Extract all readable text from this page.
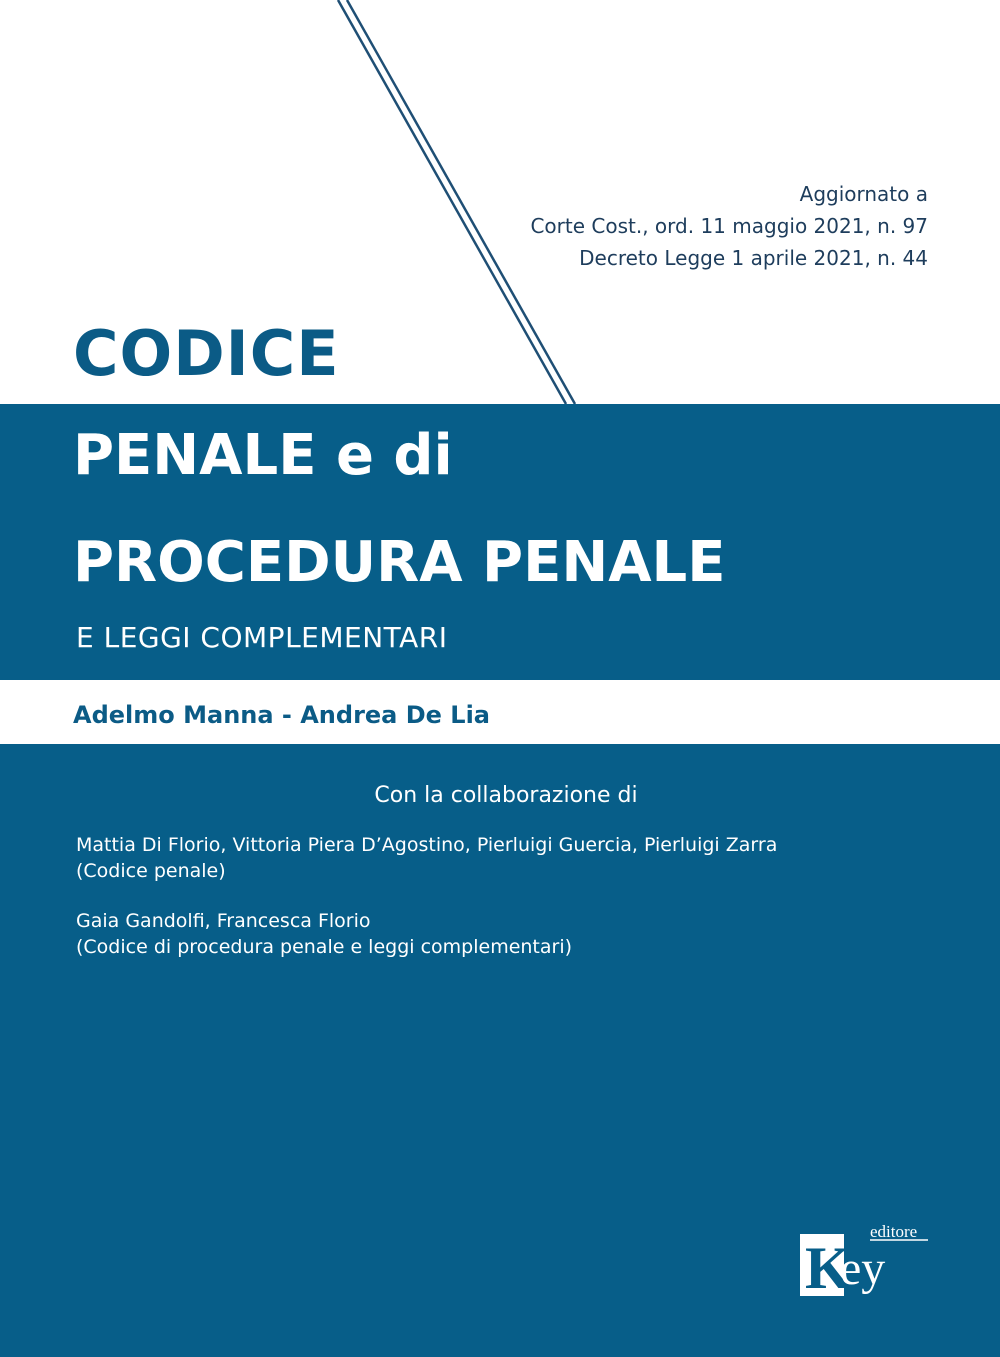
Aggiornato a
Corte Cost., ord. 11 maggio 2021, n. 97
Decreto Legge 1 aprile 2021, n. 44
CODICE
PENALE e di
PROCEDURA PENALE
E LEGGI COMPLEMENTARI
Adelmo Manna - Andrea De Lia
Con la collaborazione di
Mattia Di Florio, Vittoria Piera D’Agostino, Pierluigi Guercia, Pierluigi Zarra
(Codice penale)
Gaia Gandolfi, Francesca Florio
(Codice di procedura penale e leggi complementari)
K
ey
editore
